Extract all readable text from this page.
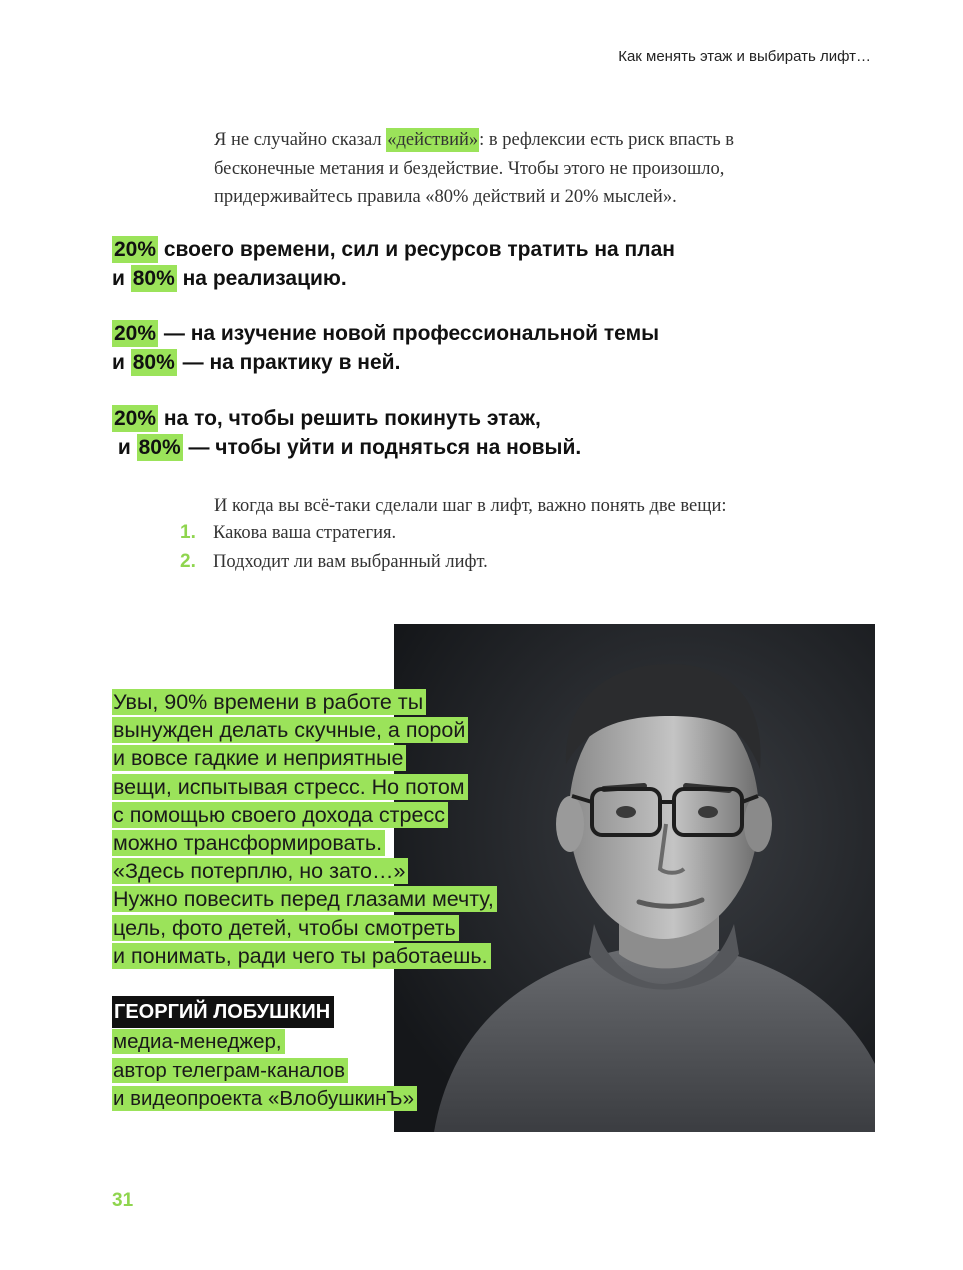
Как менять этаж и выбирать лифт…
Я не случайно сказал «действий»: в рефлексии есть риск впасть в бесконечные метания и бездействие. Чтобы этого не произошло, придерживайтесь правила «80% действий и 20% мыслей».
20% своего времени, сил и ресурсов тратить на план
и 80% на реализацию.
20% — на изучение новой профессиональной темы
и 80% — на практику в ней.
20% на то, чтобы решить покинуть этаж,
и 80% — чтобы уйти и подняться на новый.
И когда вы всё-таки сделали шаг в лифт, важно понять две вещи:
1. Какова ваша стратегия.
2. Подходит ли вам выбранный лифт.
Увы, 90% времени в работе ты
вынужден делать скучные, а порой
и вовсе гадкие и неприятные
вещи, испытывая стресс. Но потом
с помощью своего дохода стресс
можно трансформировать.
«Здесь потерплю, но зато…»
Нужно повесить перед глазами мечту,
цель, фото детей, чтобы смотреть
и понимать, ради чего ты работаешь.
ГЕОРГИЙ ЛОБУШКИН
медиа-менеджер,
автор телеграм-каналов
и видеопроекта «ВлобушкинЪ»
31
